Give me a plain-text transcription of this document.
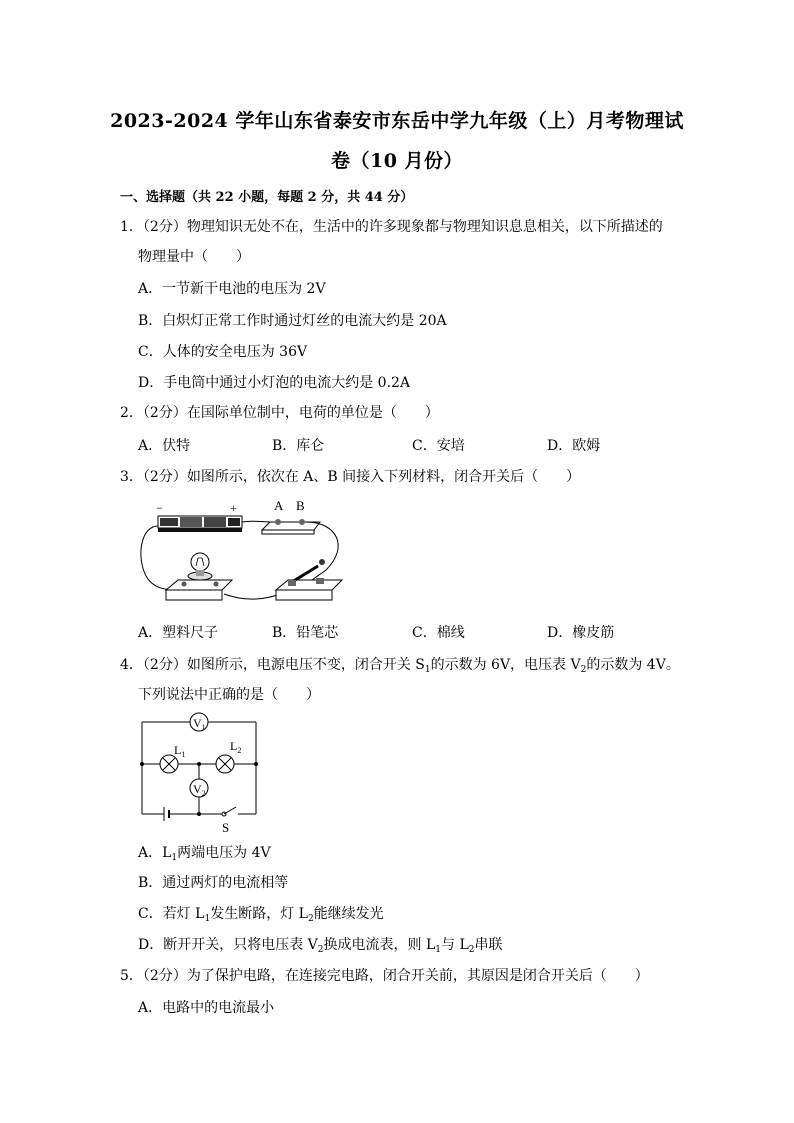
2023-2024 学年山东省泰安市东岳中学九年级（上）月考物理试
卷（10 月份）
一、选择题（共 22 小题，每题 2 分，共 44 分）
1．（2分）物理知识无处不在，生活中的许多现象都与物理知识息息相关，以下所描述的
物理量中（　　）
A．一节新干电池的电压为 2V
B．白炽灯正常工作时通过灯丝的电流大约是 20A
C．人体的安全电压为 36V
D．手电筒中通过小灯泡的电流大约是 0.2A
2．（2分）在国际单位制中，电荷的单位是（　　）
A．伏特	B．库仑	C．安培	D．欧姆
3．（2分）如图所示，依次在 A、B 间接入下列材料，闭合开关后（　　）
−	+	A B
A．塑料尺子	B．铅笔芯	C．棉线	D．橡皮筋
4．（2分）如图所示，电源电压不变，闭合开关 $S_1$的示数为 6V，电压表 $V_2$的示数为 4V。
下列说法中正确的是（　　）
$V_1$
$L_1$
$L_2$
$V_2$
S
A．$L_1$两端电压为 4V
B．通过两灯的电流相等
C．若灯 $L_1$发生断路，灯 $L_2$能继续发光
D．断开开关，只将电压表 $V_2$换成电流表，则 $L_1$与 $L_2$串联
5．（2分）为了保护电路，在连接完电路，闭合开关前，其原因是闭合开关后（　　）
A．电路中的电流最小
